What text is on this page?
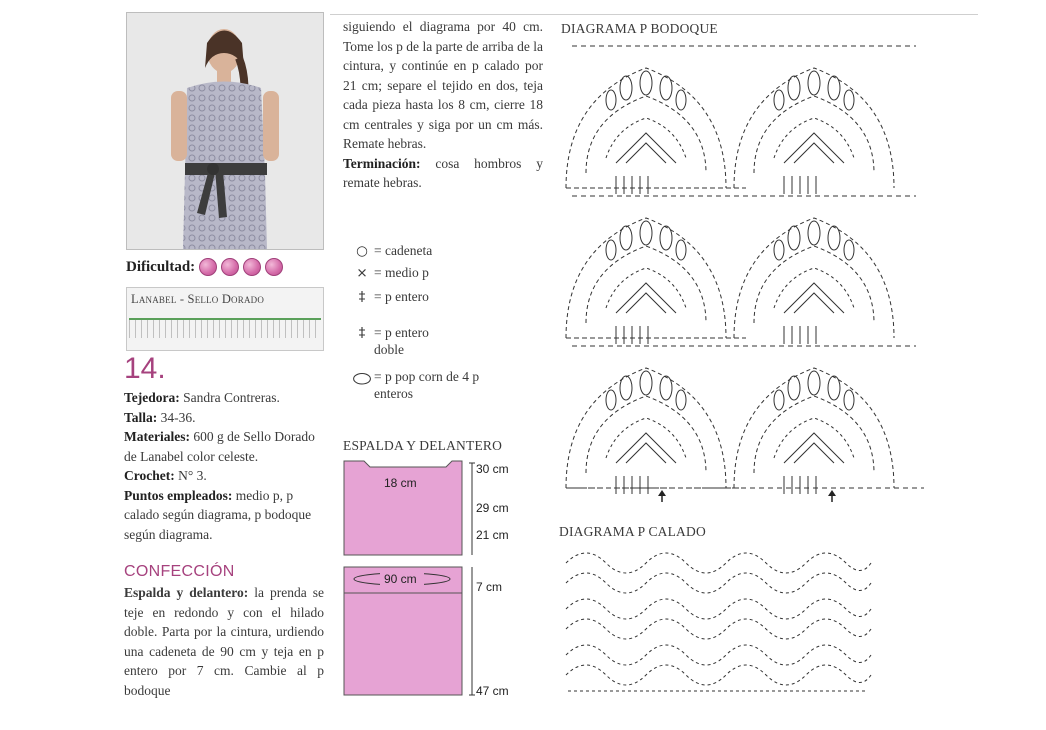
Dificultad:
Lanabel - Sello Dorado
14.
Tejedora: Sandra Contreras.
Talla: 34-36.
Materiales: 600 g de Sello Dorado de Lanabel color celeste.
Crochet: N° 3.
Puntos empleados: medio p, p calado según diagrama, p bodoque según diagrama.
CONFECCIÓN
Espalda y delantero: la prenda se teje en redondo y con el hilado doble. Parta por la cintura, urdiendo una cadeneta de 90 cm y teja en p entero por 7 cm. Cambie al p bodoque
siguiendo el diagrama por 40 cm. Tome los p de la parte de arriba de la cintura, y continúe en p calado por 21 cm; separe el tejido en dos, teja cada pieza hasta los 8 cm, cierre 18 cm centrales y siga por un cm más. Remate hebras.
Terminación: cosa hombros y remate hebras.
○ = cadeneta
× = medio p
‡ = p entero
‡ = p entero doble
⬭ = p pop corn de 4 p enteros
ESPALDA Y DELANTERO
18 cm
30 cm
29 cm
21 cm
90 cm
7 cm
47 cm
DIAGRAMA P BODOQUE
DIAGRAMA P CALADO
